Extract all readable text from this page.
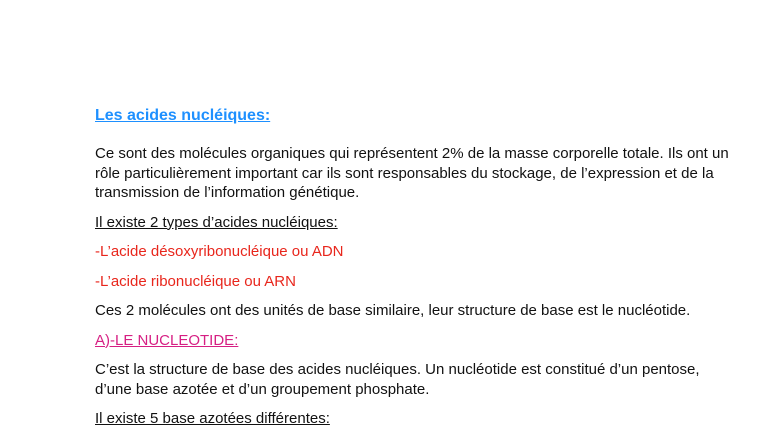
Les acides nucléiques:

Ce sont des molécules organiques qui représentent 2% de la masse corporelle totale. Ils ont un rôle particulièrement important car ils sont responsables du stockage, de l’expression et de la transmission de l’information génétique.

Il existe 2 types d’acides nucléiques:

-L’acide désoxyribonucléique ou ADN

-L’acide ribonucléique ou ARN

Ces 2 molécules ont des unités de base similaire, leur structure de base est le nucléotide.

A)-LE NUCLEOTIDE:

C’est la structure de base des acides nucléiques. Un nucléotide est constitué d’un pentose, d’une base azotée et d’un groupement phosphate.

Il existe 5 base azotées différentes:
